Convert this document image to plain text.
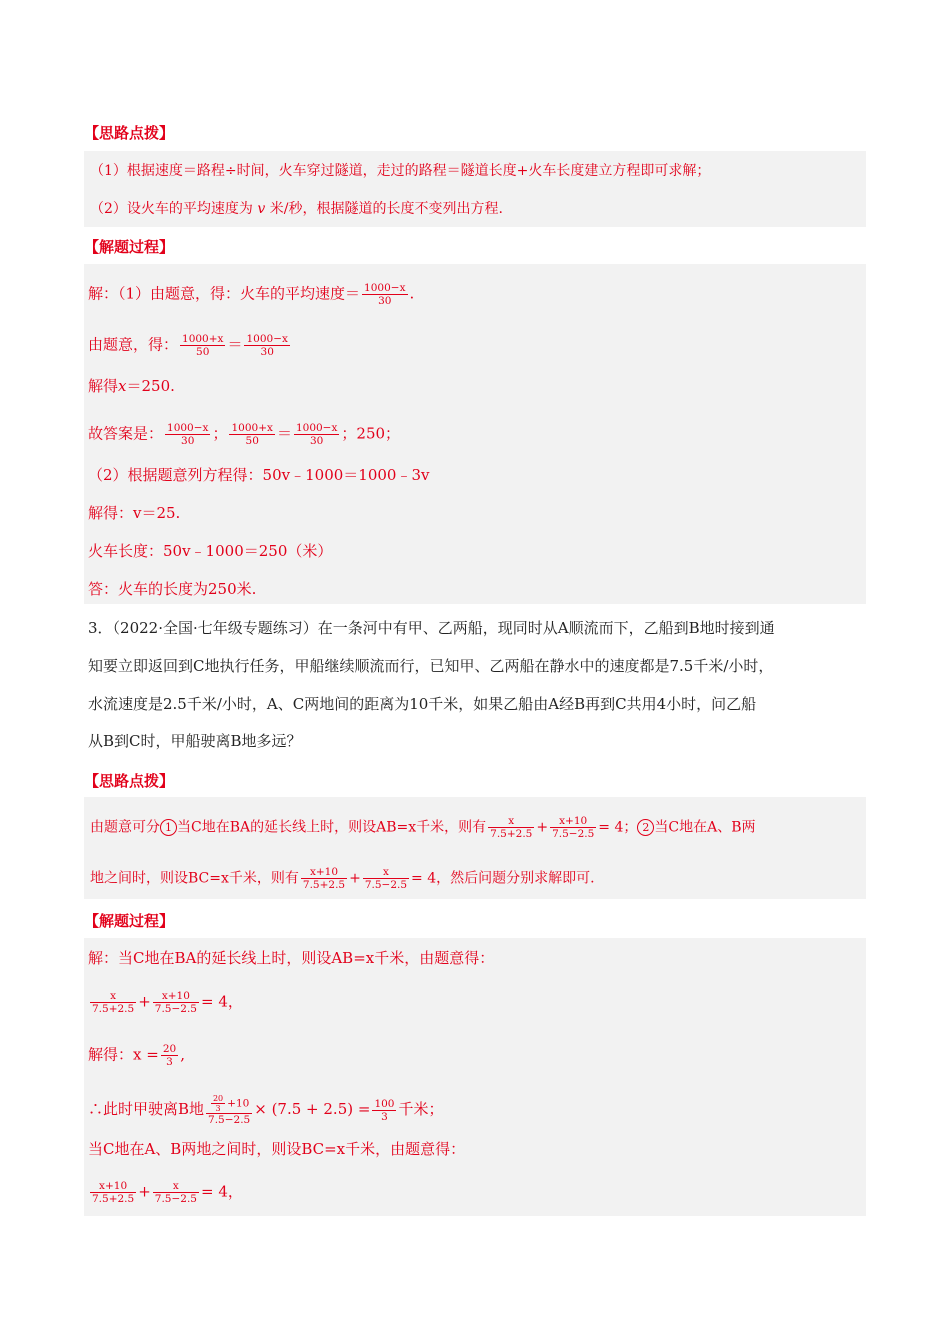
【思路点拨】
（1）根据速度＝路程÷时间，火车穿过隧道，走过的路程＝隧道长度+火车长度建立方程即可求解；
（2）设火车的平均速度为 v 米/秒，根据隧道的长度不变列出方程.
【解题过程】
解：（1）由题意，得：火车的平均速度＝ $\frac{1000-x}{30}$ .
由题意，得： $\frac{1000+x}{50} = \frac{1000-x}{30}$
解得x＝250.
故答案是： $\frac{1000-x}{30}$ ； $\frac{1000+x}{50} = \frac{1000-x}{30}$ ；250；
（2）根据题意列方程得：50v﹣1000＝1000﹣3v
解得：v＝25.
火车长度：50v﹣1000＝250（米）
答：火车的长度为250米.
3．（2022·全国·七年级专题练习）在一条河中有甲、乙两船，现同时从A顺流而下，乙船到B地时接到通
知要立即返回到C地执行任务，甲船继续顺流而行，已知甲、乙两船在静水中的速度都是7.5千米/小时，
水流速度是2.5千米/小时，A、C两地间的距离为10千米，如果乙船由A经B再到C共用4小时，问乙船
从B到C时，甲船驶离B地多远？
【思路点拨】
由题意可分 1 当C地在BA的延长线上时，则设AB=x千米，则有 $\frac{x}{7.5+2.5} + \frac{x+10}{7.5-2.5} = 4$； 2 当C地在A、B两
地之间时，则设BC=x千米，则有 $\frac{x+10}{7.5+2.5} + \frac{x}{7.5-2.5} = 4$，然后问题分别求解即可.
【解题过程】
解：当C地在BA的延长线上时，则设AB=x千米，由题意得：
$\frac{x}{7.5+2.5} + \frac{x+10}{7.5-2.5} = 4$，
解得：$x = \frac{20}{3}$ ,
∴此时甲驶离B地 $\frac{\frac{20}{3} +10}{7.5-2.5} \times (7.5 + 2.5) = \frac{100}{3}$ 千米；
当C地在A、B两地之间时，则设BC=x千米，由题意得：
$\frac{x+10}{7.5+2.5} + \frac{x}{7.5-2.5} = 4$，
